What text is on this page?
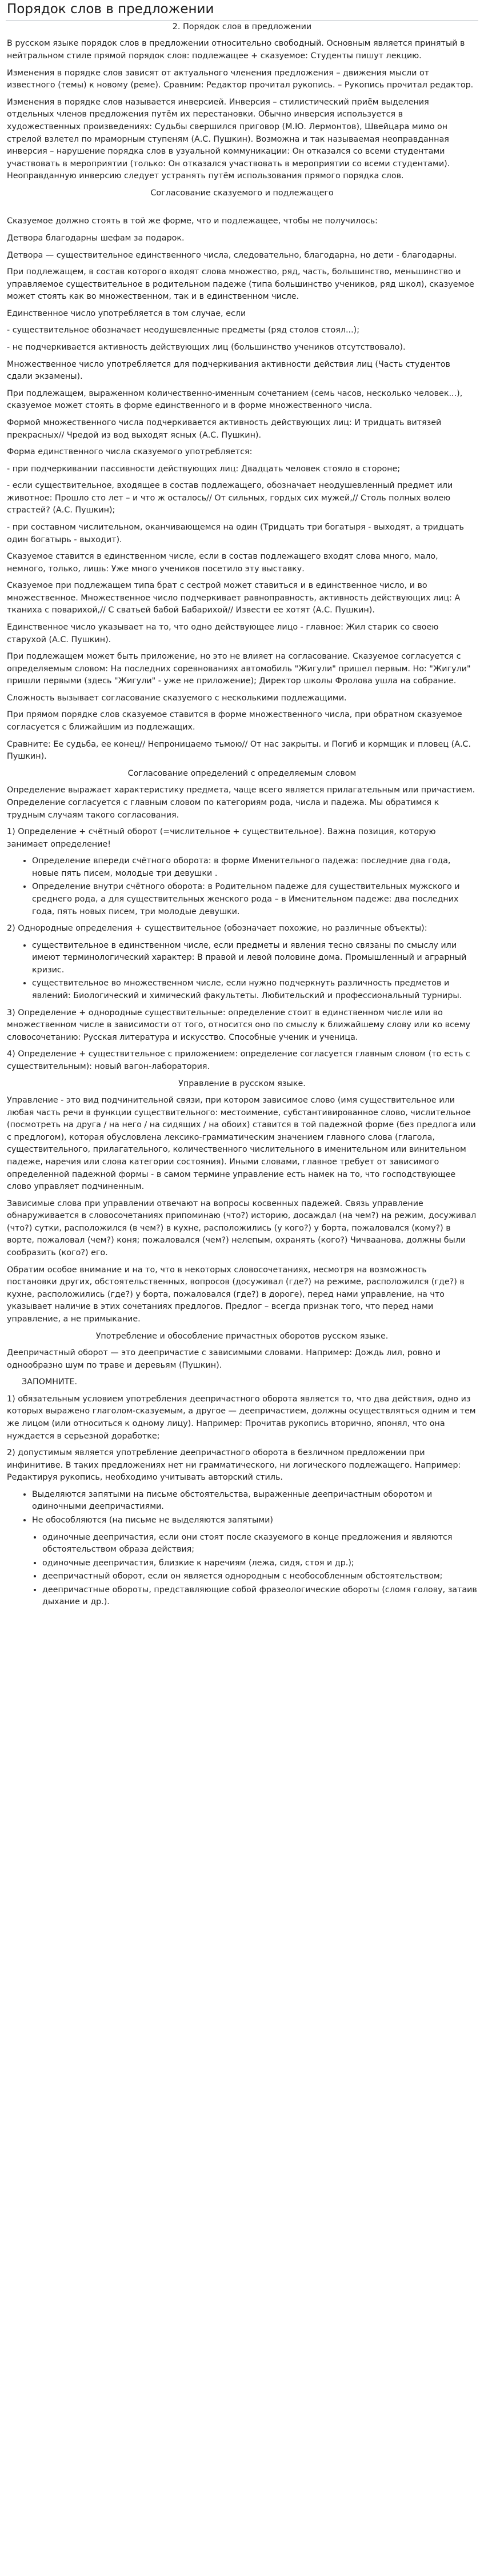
Порядок слов в предложении

2. Порядок слов в предложении

В русском языке порядок слов в предложении относительно свободный. Основным является принятый в нейтральном стиле прямой порядок слов: подлежащее + сказуемое: Студенты пишут лекцию.

Изменения в порядке слов зависят от актуального членения предложения – движения мысли от известного (темы) к новому (реме). Сравним: Редактор прочитал рукопись. – Рукопись прочитал редактор.

Изменения в порядке слов называется инверсией. Инверсия – стилистический приём выделения отдельных членов предложения путём их перестановки. Обычно инверсия используется в художественных произведениях: Судьбы свершился приговор (М.Ю. Лермонтов), Швейцара мимо он стрелой взлетел по мраморным ступеням (А.С. Пушкин). Возможна и так называемая неоправданная инверсия – нарушение порядка слов в узуальной коммуникации: Он отказался со всеми студентами участвовать в мероприятии (только: Он отказался участвовать в мероприятии со всеми студентами). Неоправданную инверсию следует устранять путём использования прямого порядка слов.

Согласование сказуемого и подлежащего

Сказуемое должно стоять в той же форме, что и подлежащее, чтобы не получилось:

Детвора благодарны шефам за подарок.

Детвора — существительное единственного числа, следовательно, благодарна, но дети - благодарны.

При подлежащем, в состав которого входят слова множество, ряд, часть, большинство, меньшинство и управляемое существительное в родительном падеже (типа большинство учеников, ряд школ), сказуемое может стоять как во множественном, так и в единственном числе.

Единственное число употребляется в том случае, если

- существительное обозначает неодушевленные предметы (ряд столов стоял...);

- не подчеркивается активность действующих лиц (большинство учеников отсутствовало).

Множественное число употребляется для подчеркивания активности действия лиц (Часть студентов сдали экзамены).

При подлежащем, выраженном количественно-именным сочетанием (семь часов, несколько человек...), сказуемое может стоять в форме единственного и в форме множественного числа.

Формой множественного числа подчеркивается активность действующих лиц: И тридцать витязей прекрасных// Чредой из вод выходят ясных (А.С. Пушкин).

Форма единственного числа сказуемого употребляется:

- при подчеркивании пассивности действующих лиц: Двадцать человек стояло в стороне;

- если существительное, входящее в состав подлежащего, обозначает неодушевленный предмет или животное: Прошло сто лет – и что ж осталось// От сильных, гордых сих мужей,// Столь полных волею страстей? (А.С. Пушкин);

- при составном числительном, оканчивающемся на один (Тридцать три богатыря - выходят, а тридцать один богатырь - выходит).

Сказуемое ставится в единственном числе, если в состав подлежащего входят слова много, мало, немного, только, лишь: Уже много учеников посетило эту выставку.

Сказуемое при подлежащем типа брат с сестрой может ставиться и в единственное число, и во множественное. Множественное число подчеркивает равноправность, активность действующих лиц: А тканиха с поварихой,// С сватьей бабой Бабарихой// Извести ее хотят (А.С. Пушкин).

Единственное число указывает на то, что одно действующее лицо - главное: Жил старик со своею старухой (А.С. Пушкин).

При подлежащем может быть приложение, но это не влияет на согласование. Сказуемое согласуется с определяемым словом: На последних соревнованиях автомобиль "Жигули" пришел первым. Но: "Жигули" пришли первыми (здесь "Жигули" - уже не приложение); Директор школы Фролова ушла на собрание.

Сложность вызывает согласование сказуемого с несколькими подлежащими.

При прямом порядке слов сказуемое ставится в форме множественного числа, при обратном сказуемое согласуется с ближайшим из подлежащих.

Сравните: Ее судьба, ее конец// Непроницаемо тьмою// От нас закрыты. и Погиб и кормщик и пловец (А.С. Пушкин).

Согласование определений с определяемым словом

Определение выражает характеристику предмета, чаще всего является прилагательным или причастием. Определение согласуется с главным словом по категориям рода, числа и падежа. Мы обратимся к трудным случаям такого согласования.

1) Определение + счётный оборот (=числительное + существительное). Важна позиция, которую занимает определение!

• Определение впереди счётного оборота: в форме Именительного падежа: последние два года, новые пять писем, молодые три девушки .
• Определение внутри счётного оборота: в Родительном падеже для существительных мужского и среднего рода, а для существительных женского рода – в Именительном падеже: два последних года, пять новых писем, три молодые девушки.

2) Однородные определения + существительное (обозначает похожие, но различные объекты):

• существительное в единственном числе, если предметы и явления тесно связаны по смыслу или имеют терминологический характер: В правой и левой половине дома. Промышленный и аграрный кризис.
• существительное во множественном числе, если нужно подчеркнуть различность предметов и явлений: Биологический и химический факультеты. Любительский и профессиональный турниры.

3) Определение + однородные существительные: определение стоит в единственном числе или во множественном числе в зависимости от того, относится оно по смыслу к ближайшему слову или ко всему словосочетанию: Русская литература и искусство. Способные ученик и ученица.

4) Определение + существительное с приложением: определение согласуется главным словом (то есть с существительным): новый вагон-лаборатория.

Управление в русском языке.

Управление - это вид подчинительной связи, при котором зависимое слово (имя существительное или любая часть речи в функции существительного: местоимение, субстантивированное слово, числительное (посмотреть на друга / на него / на сидящих / на обоих) ставится в той падежной форме (без предлога или с предлогом), которая обусловлена лексико-грамматическим значением главного слова (глагола, существительного, прилагательного, количественного числительного в именительном или винительном падеже, наречия или слова категории состояния). Иными словами, главное требует от зависимого определенной падежной формы - в самом термине управление есть намек на то, что господствующее слово управляет подчиненным.

Зависимые слова при управлении отвечают на вопросы косвенных падежей. Связь управление обнаруживается в словосочетаниях припоминаю (что?) историю, досаждал (на чем?) на режим, досуживал (что?) сутки, расположился (в чем?) в кухне, расположились (у кого?) у борта, пожаловался (кому?) в ворте, пожаловал (чем?) коня; пожаловался (чем?) нелепым, охранять (кого?) Чичваанова, должны были сообразить (кого?) его.

Обратим особое внимание и на то, что в некоторых словосочетаниях, несмотря на возможность постановки других, обстоятельственных, вопросов (досуживал (где?) на режиме, расположился (где?) в кухне, расположились (где?) у борта, пожаловался (где?) в дороге), перед нами управление, на что указывает наличие в этих сочетаниях предлогов. Предлог – всегда признак того, что перед нами управление, а не примыкание.

Употребление и обособление причастных оборотов русском языке.

Деепричастный оборот — это деепричастие с зависимыми словами. Например: Дождь лил, ровно и однообразно шум по траве и деревьям (Пушкин).

ЗАПОМНИТЕ.

1) обязательным условием употребления деепричастного оборота является то, что два действия, одно из которых выражено глаголом-сказуемым, а другое — деепричастием, должны осуществляться одним и тем же лицом (или относиться к одному лицу). Например: Прочитав рукопись вторично, японял, что она нуждается в серьезной доработке;

2) допустимым является употребление деепричастного оборота в безличном предложении при инфинитиве. В таких предложениях нет ни грамматического, ни логического подлежащего. Например: Редактируя рукопись, необходимо учитывать авторский стиль.

• Выделяются запятыми на письме обстоятельства, выраженные деепричастным оборотом и одиночными деепричастиями.
• Не обособляются (на письме не выделяются запятыми)
• одиночные деепричастия, если они стоят после сказуемого в конце предложения и являются обстоятельством образа действия;
• одиночные деепричастия, близкие к наречиям (лежа, сидя, стоя и др.);
• деепричастный оборот, если он является однородным с необособленным обстоятельством;
• деепричастные обороты, представляющие собой фразеологические обороты (сломя голову, затаив дыхание и др.).
